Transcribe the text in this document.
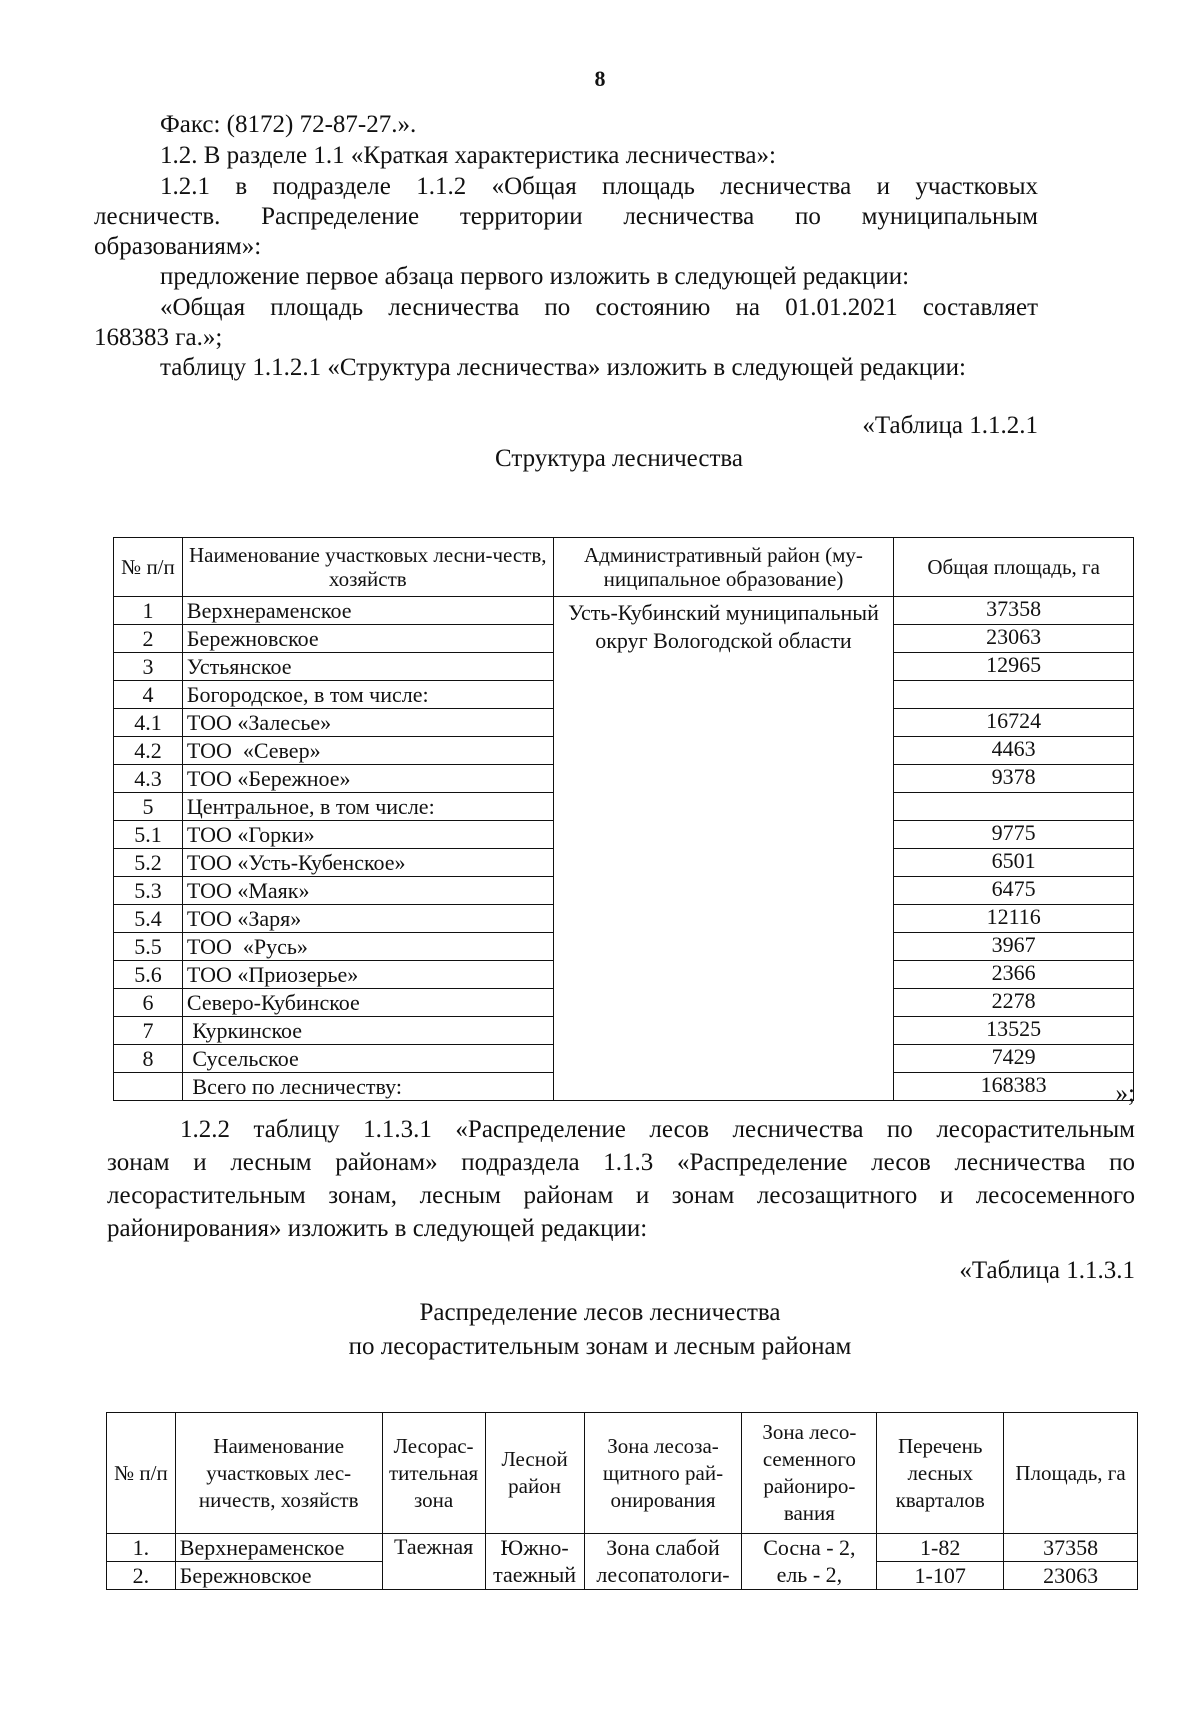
8
Факс: (8172) 72-87-27.».
1.2. В разделе 1.1 «Краткая характеристика лесничества»:
1.2.1 в подразделе 1.1.2 «Общая площадь лесничества и участковых
лесничеств. Распределение территории лесничества по муниципальным
образованиям»:
предложение первое абзаца первого изложить в следующей редакции:
«Общая площадь лесничества по состоянию на 01.01.2021 составляет
168383 га.»;
таблицу 1.1.2.1 «Структура лесничества» изложить в следующей редакции:
«Таблица 1.1.2.1
Структура лесничества
№ п/п	Наименование участковых лесни-честв, хозяйств	Административный район (му-ниципальное образование)	Общая площадь, га
1	Верхнераменское	Усть-Кубинский муниципальный округ Вологодской области	37358
2	Бережновское		23063
3	Устьянское		12965
4	Богородское, в том числе:		
4.1	ТОО «Залесье»		16724
4.2	ТОО  «Север»		4463
4.3	ТОО «Бережное»		9378
5	Центральное, в том числе:		
5.1	ТОО «Горки»		9775
5.2	ТОО «Усть-Кубенское»		6501
5.3	ТОО «Маяк»		6475
5.4	ТОО «Заря»		12116
5.5	ТОО  «Русь»		3967
5.6	ТОО «Приозерье»		2366
6	Северо-Кубинское		2278
7	Куркинское		13525
8	Сусельское		7429
	Всего по лесничеству:		168383	»;
1.2.2 таблицу 1.1.3.1 «Распределение лесов лесничества по лесорастительным
зонам и лесным районам» подраздела 1.1.3 «Распределение лесов лесничества по
лесорастительным зонам, лесным районам и зонам лесозащитного и лесосеменного
районирования» изложить в следующей редакции:
«Таблица 1.1.3.1
Распределение лесов лесничества
по лесорастительным зонам и лесным районам
№ п/п	Наименование участковых лес-ничеств, хозяйств	Лесорас-тительная зона	Лесной район	Зона лесоза-щитного рай-онирования	Зона лесо-семенного райониро-вания	Перечень лесных кварталов	Площадь, га
1.	Верхнераменское	Таежная	Южно-	Зона слабой	Сосна - 2,	1-82	37358
2.	Бережновское		таежный	лесопатологи-	ель - 2,	1-107	23063
